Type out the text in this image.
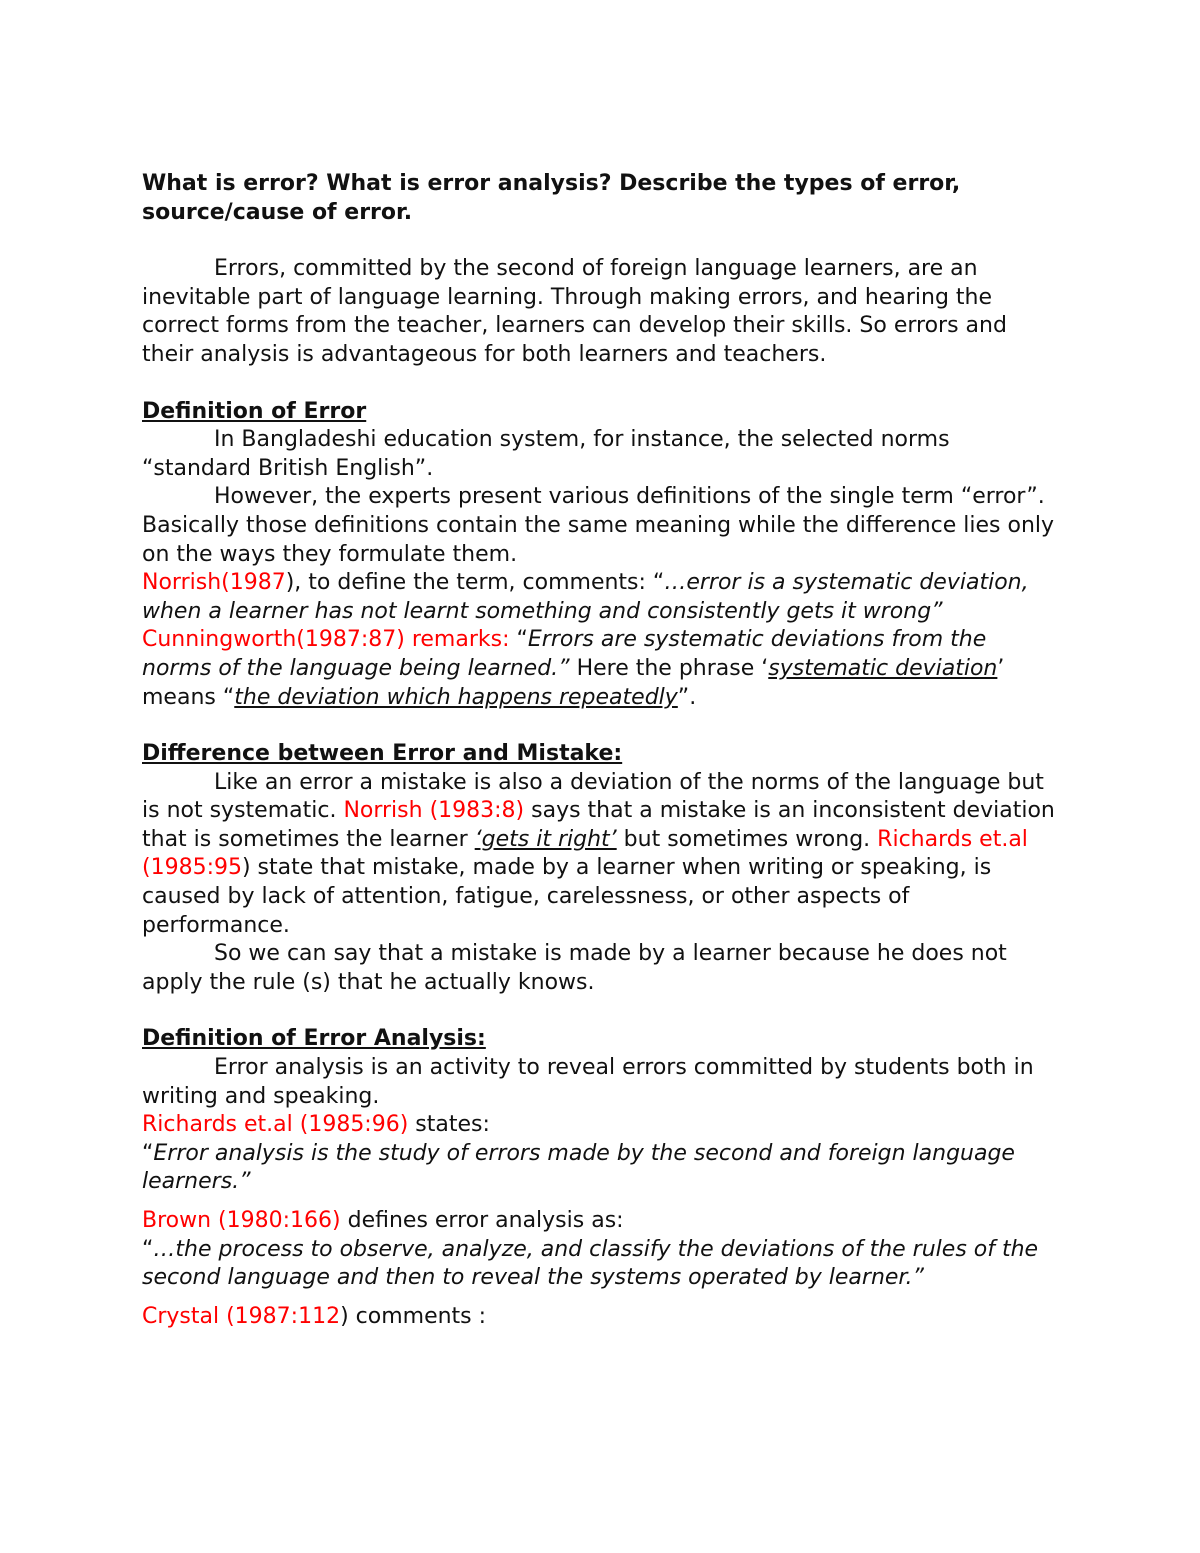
What is error? What is error analysis? Describe the types of error, source/cause of error.

Errors, committed by the second of foreign language learners, are an inevitable part of language learning. Through making errors, and hearing the correct forms from the teacher, learners can develop their skills. So errors and their analysis is advantageous for both learners and teachers.

Definition of Error

In Bangladeshi education system, for instance, the selected norms “standard British English”.

However, the experts present various definitions of the single term “error”. Basically those definitions contain the same meaning while the difference lies only on the ways they formulate them.

Norrish(1987), to define the term, comments: “…error is a systematic deviation, when a learner has not learnt something and consistently gets it wrong”

Cunningworth(1987:87) remarks: “Errors are systematic deviations from the norms of the language being learned.” Here the phrase ‘systematic deviation’ means “the deviation which happens repeatedly”.

Difference between Error and Mistake:

Like an error a mistake is also a deviation of the norms of the language but is not systematic. Norrish (1983:8) says that a mistake is an inconsistent deviation that is sometimes the learner ‘gets it right’ but sometimes wrong. Richards et.al (1985:95) state that mistake, made by a learner when writing or speaking, is caused by lack of attention, fatigue, carelessness, or other aspects of performance.

So we can say that a mistake is made by a learner because he does not apply the rule (s) that he actually knows.

Definition of Error Analysis:

Error analysis is an activity to reveal errors committed by students both in writing and speaking.

Richards et.al (1985:96) states:

“Error analysis is the study of errors made by the second and foreign language learners.”

Brown (1980:166) defines error analysis as:

“…the process to observe, analyze, and classify the deviations of the rules of the second language and then to reveal the systems operated by learner.”

Crystal (1987:112) comments :
